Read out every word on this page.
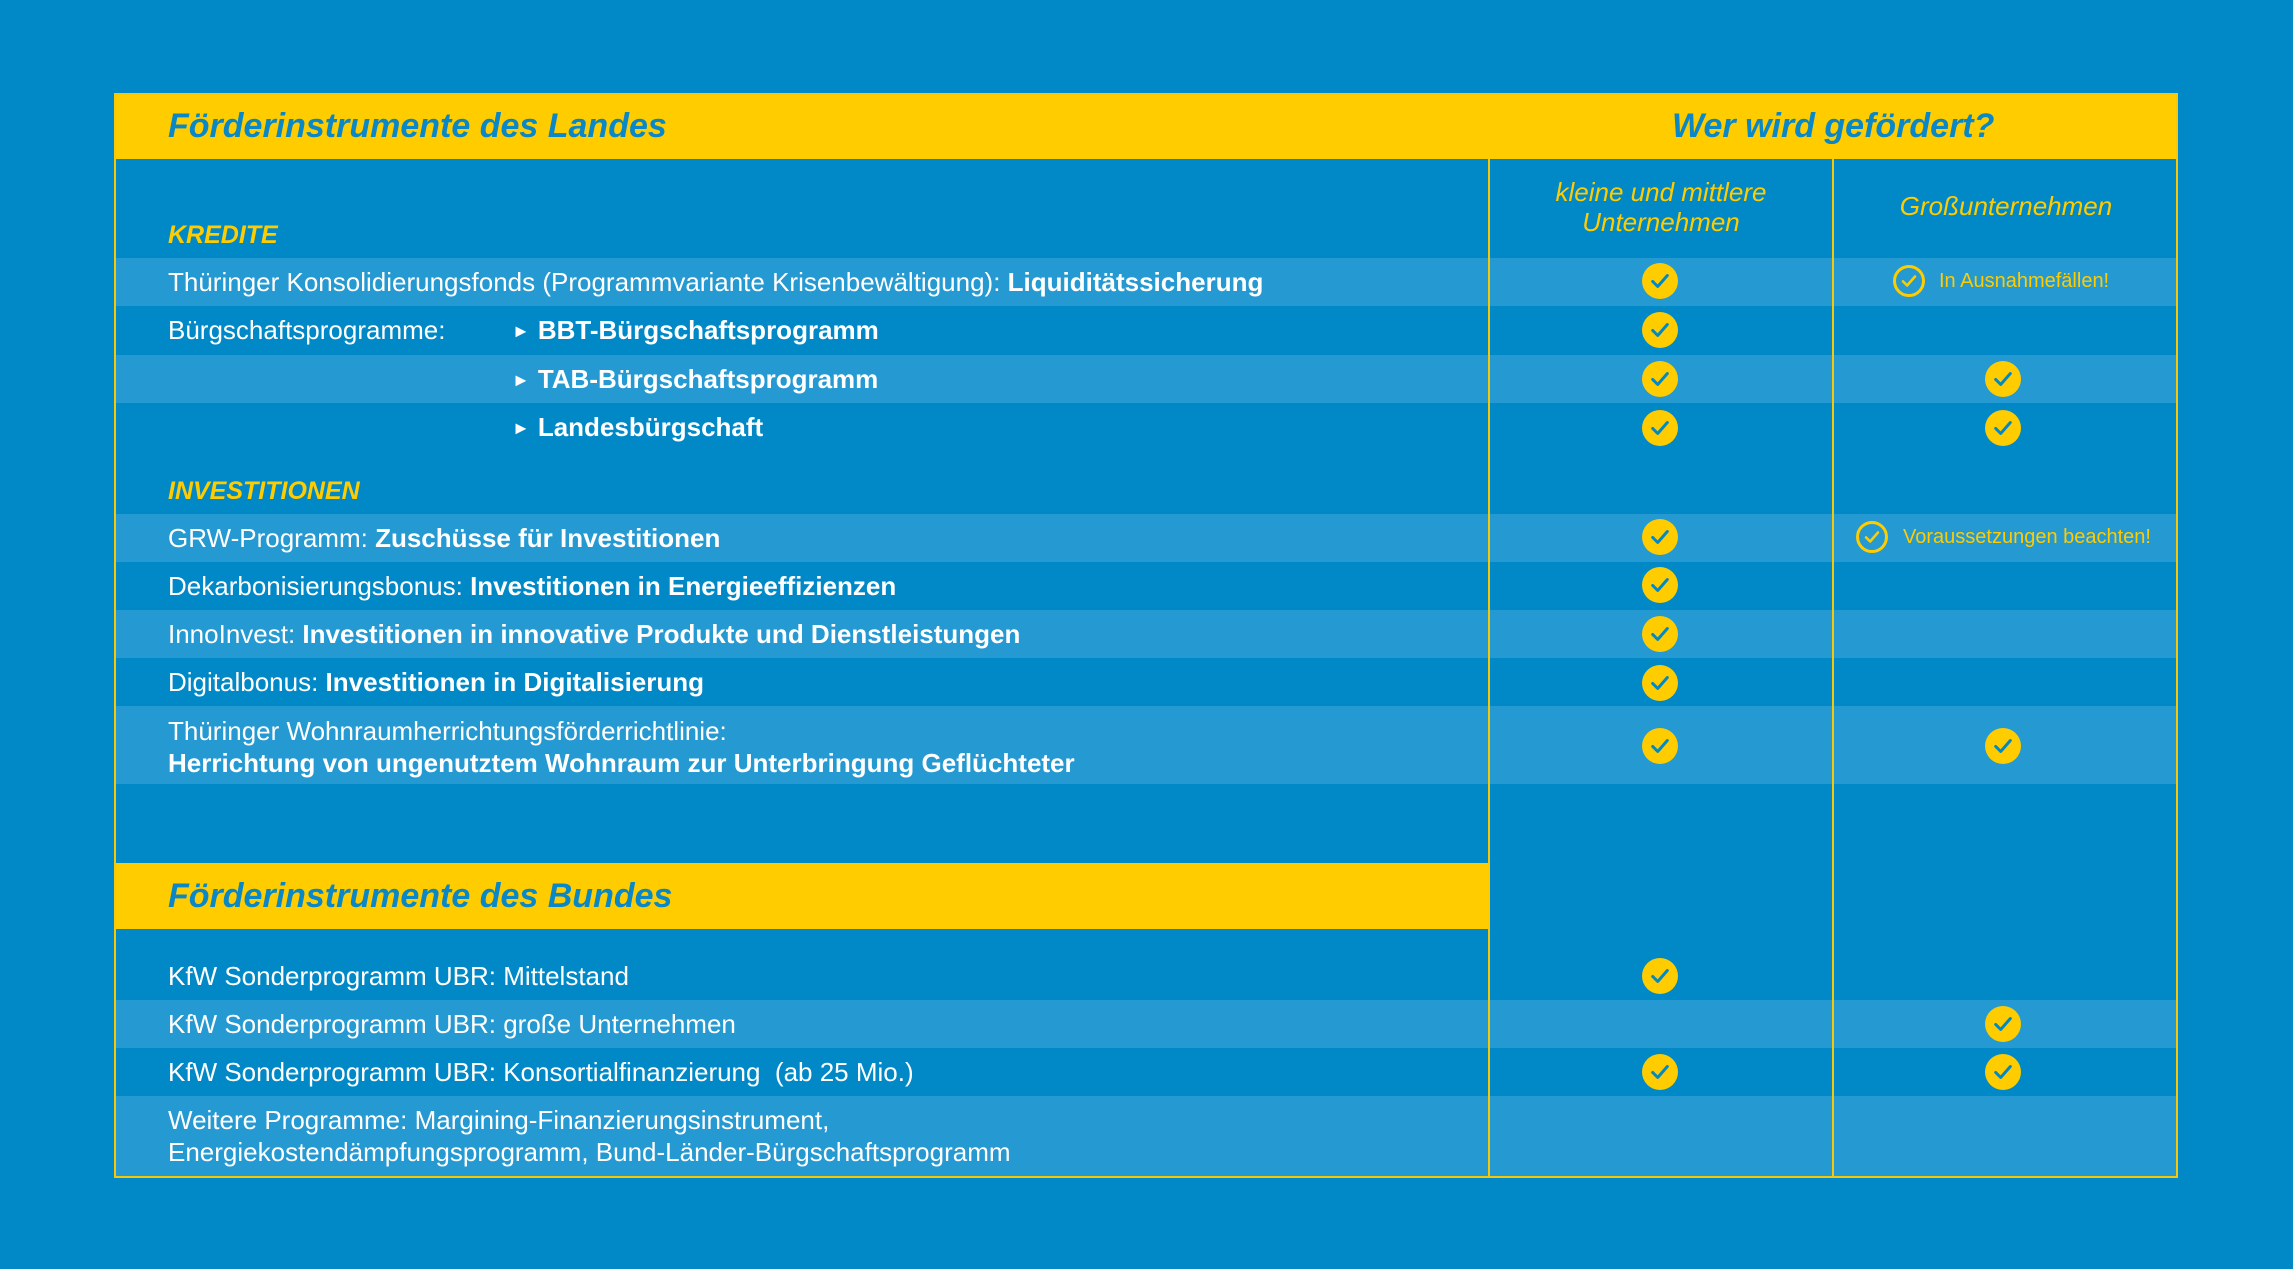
Förderinstrumente des Landes	Wer wird gefördert?
kleine und mittlere
Unternehmen
Großunternehmen
KREDITE
INVESTITIONEN
Thüringer Konsolidierungsfonds (Programmvariante Krisenbewältigung): Liquiditätssicherung
Bürgschaftsprogramme:	► BBT-Bürgschaftsprogramm
► TAB-Bürgschaftsprogramm
► Landesbürgschaft
GRW-Programm: Zuschüsse für Investitionen
Dekarbonisierungsbonus: Investitionen in Energieeffizienzen
InnoInvest: Investitionen in innovative Produkte und Dienstleistungen
Digitalbonus: Investitionen in Digitalisierung
Thüringer Wohnraumherrichtungsförderrichtlinie:
Herrichtung von ungenutztem Wohnraum zur Unterbringung Geflüchteter
Förderinstrumente des Bundes
KfW Sonderprogramm UBR: Mittelstand
KfW Sonderprogramm UBR: große Unternehmen
KfW Sonderprogramm UBR: Konsortialfinanzierung  (ab 25 Mio.)
Weitere Programme: Margining-Finanzierungsinstrument,
Energiekostendämpfungsprogramm, Bund-Länder-Bürgschaftsprogramm
In Ausnahmefällen!
Voraussetzungen beachten!
